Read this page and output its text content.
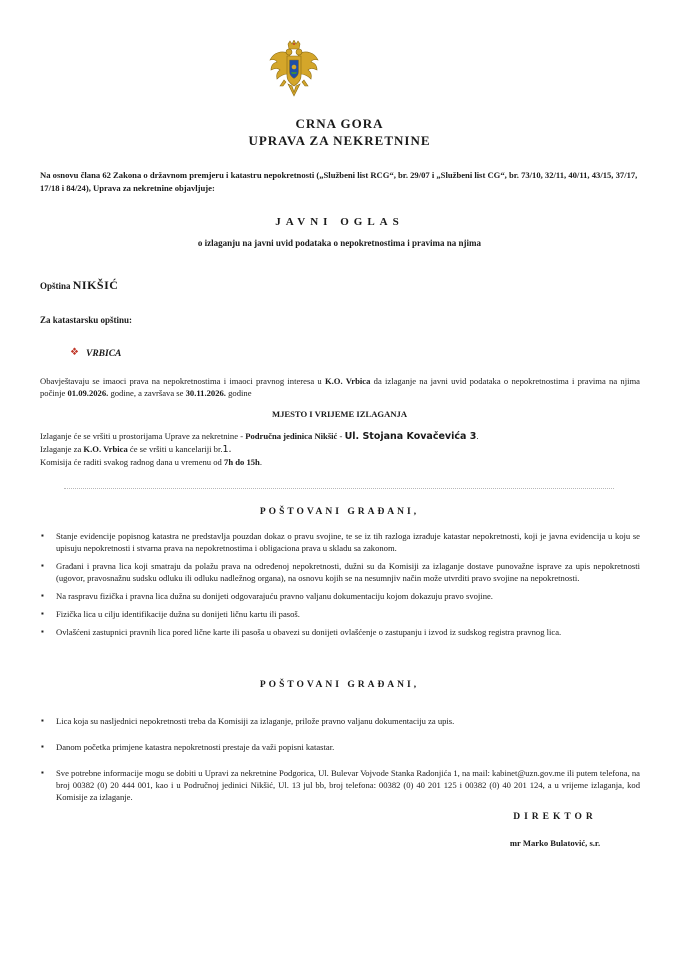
CRNA GORA
UPRAVA ZA NEKRETNINE
Na osnovu člana 62 Zakona o državnom premjeru i katastru nepokretnosti („Službeni list RCG“, br. 29/07 i „Službeni list CG“, br. 73/10, 32/11, 40/11, 43/15, 37/17, 17/18 i 84/24), Uprava za nekretnine objavljuje:
JAVNI OGLAS
o izlaganju na javni uvid podataka o nepokretnostima i pravima na njima
Opština NIKŠIĆ
Za katastarsku opštinu:
❖ VRBICA
Obavještavaju se imaoci prava na nepokretnostima i imaoci pravnog interesa u K.O. Vrbica da izlaganje na javni uvid podataka o nepokretnostima i pravima na njima počinje 01.09.2026. godine, a završava se 30.11.2026. godine
MJESTO I VRIJEME IZLAGANJA
Izlaganje će se vršiti u prostorijama Uprave za nekretnine - Područna jedinica Nikšić - Ul. Stojana Kovačevića 3.
Izlaganje za K.O. Vrbica će se vršiti u kancelariji br.1.
Komisija će raditi svakog radnog dana u vremenu od 7h do 15h.
POŠTOVANI GRAĐANI,
▪ Stanje evidencije popisnog katastra ne predstavlja pouzdan dokaz o pravu svojine, te se iz tih razloga izrađuje katastar nepokretnosti, koji je javna evidencija u koju se upisuju nepokretnosti i stvarna prava na nepokretnostima i obligaciona prava u skladu sa zakonom.
▪ Građani i pravna lica koji smatraju da polažu prava na određenoj nepokretnosti, dužni su da Komisiji za izlaganje dostave punovažne isprave za upis nepokretnosti (ugovor, pravosnažnu sudsku odluku ili odluku nadležnog organa), na osnovu kojih se na nesumnjiv način može utvrditi pravo svojine na nepokretnosti.
▪ Na raspravu fizička i pravna lica dužna su donijeti odgovarajuću pravno valjanu dokumentaciju kojom dokazuju pravo svojine.
▪ Fizička lica u cilju identifikacije dužna su donijeti ličnu kartu ili pasoš.
▪ Ovlašćeni zastupnici pravnih lica pored lične karte ili pasoša u obavezi su donijeti ovlašćenje o zastupanju i izvod iz sudskog registra pravnog lica.
POŠTOVANI GRAĐANI,
▪ Lica koja su nasljednici nepokretnosti treba da Komisiji za izlaganje, prilože pravno valjanu dokumentaciju za upis.
▪ Danom početka primjene katastra nepokretnosti prestaje da važi popisni katastar.
▪ Sve potrebne informacije mogu se dobiti u Upravi za nekretnine Podgorica, Ul. Bulevar Vojvode Stanka Radonjića 1, na mail: kabinet@uzn.gov.me ili putem telefona, na broj 00382 (0) 20 444 001, kao i u Područnoj jedinici Nikšić, Ul. 13 jul bb, broj telefona: 00382 (0) 40 201 125 i 00382 (0) 40 201 124, a u vrijeme izlaganja, kod Komisije za izlaganje.
DIREKTOR
mr Marko Bulatović, s.r.
